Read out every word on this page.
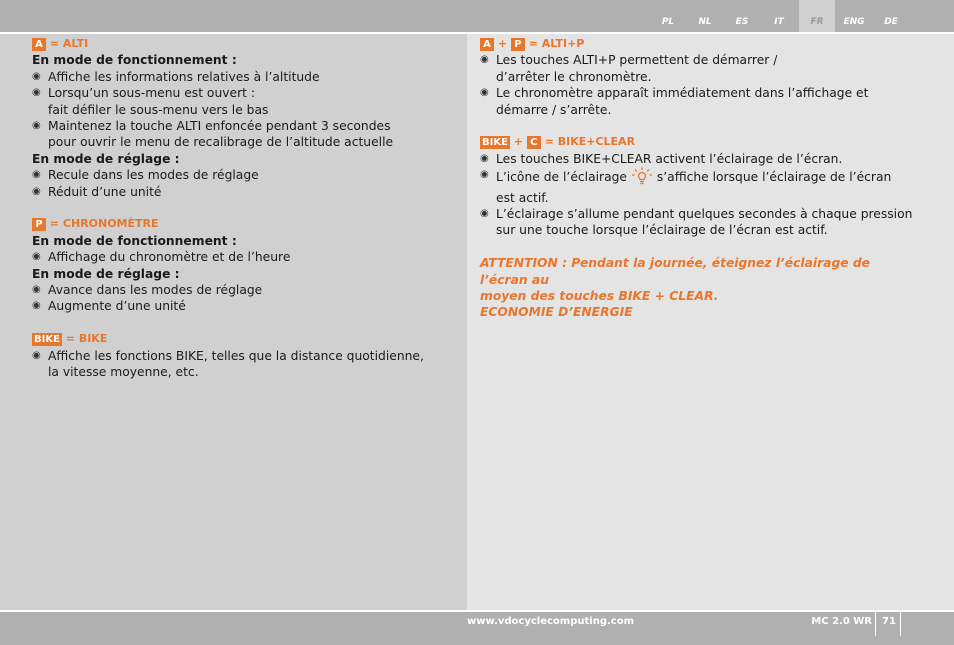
PL	NL	ES	IT	FR	ENG	DE
A = ALTI
En mode de fonctionnement :
◉ Affiche les informations relatives à l’altitude
◉ Lorsqu’un sous-menu est ouvert :
fait défiler le sous-menu vers le bas
◉ Maintenez la touche ALTI enfoncée pendant 3 secondes
pour ouvrir le menu de recalibrage de l’altitude actuelle
En mode de réglage :
◉ Recule dans les modes de réglage
◉ Réduit d’une unité
P = CHRONOMÈTRE
En mode de fonctionnement :
◉ Affichage du chronomètre et de l’heure
En mode de réglage :
◉ Avance dans les modes de réglage
◉ Augmente d’une unité
BIKE = BIKE
◉ Affiche les fonctions BIKE, telles que la distance quotidienne,
la vitesse moyenne, etc.
A + P = ALTI+P
◉ Les touches ALTI+P permettent de démarrer /
d’arrêter le chronomètre.
◉ Le chronomètre apparaît immédiatement dans l’affichage et
démarre / s’arrête.
BIKE + C = BIKE+CLEAR
◉ Les touches BIKE+CLEAR activent l’éclairage de l’écran.
◉ L’icône de l’éclairage s’affiche lorsque l’éclairage de l’écran
est actif.
◉ L’éclairage s’allume pendant quelques secondes à chaque pression
sur une touche lorsque l’éclairage de l’écran est actif.
ATTENTION : Pendant la journée, éteignez l’éclairage de l’écran au
moyen des touches BIKE + CLEAR.
ECONOMIE D’ENERGIE
www.vdocyclecomputing.com	MC 2.0 WR	71
